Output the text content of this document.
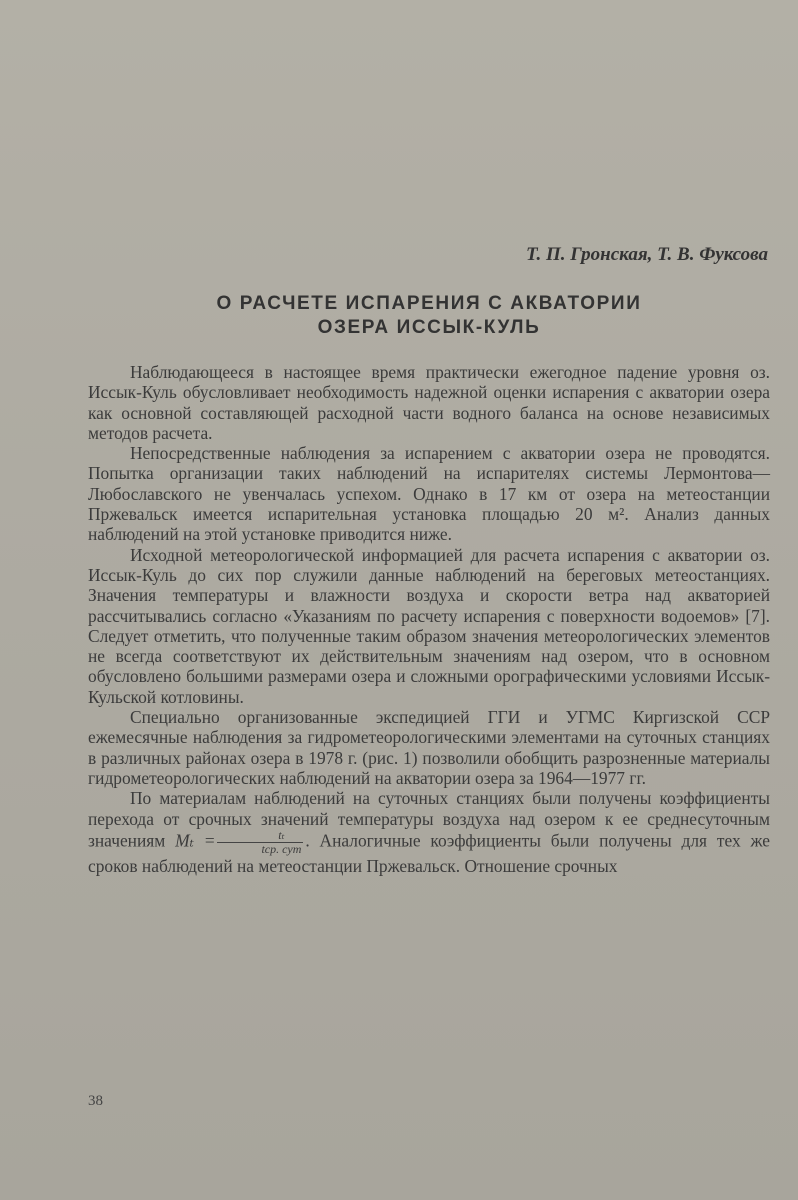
Т. П. Гронская, Т. В. Фуксова
О РАСЧЕТЕ ИСПАРЕНИЯ С АКВАТОРИИ
ОЗЕРА ИССЫК-КУЛЬ

Наблюдающееся в настоящее время практически ежегодное падение уровня оз. Иссык-Куль обусловливает необходимость надежной оценки испарения с акватории озера как основной составляющей расходной части водного баланса на основе независимых методов расчета.

Непосредственные наблюдения за испарением с акватории озера не проводятся. Попытка организации таких наблюдений на испарителях системы Лермонтова—Любославского не увенчалась успехом. Однако в 17 км от озера на метеостанции Пржевальск имеется испарительная установка площадью 20 м². Анализ данных наблюдений на этой установке приводится ниже.

Исходной метеорологической информацией для расчета испарения с акватории оз. Иссык-Куль до сих пор служили данные наблюдений на береговых метеостанциях. Значения температуры и влажности воздуха и скорости ветра над акваторией рассчитывались согласно «Указаниям по расчету испарения с поверхности водоемов» [7]. Следует отметить, что полученные таким образом значения метеорологических элементов не всегда соответствуют их действительным значениям над озером, что в основном обусловлено большими размерами озера и сложными орографическими условиями Иссык-Кульской котловины.

Специально организованные экспедицией ГГИ и УГМС Киргизской ССР ежемесячные наблюдения за гидрометеорологическими элементами на суточных станциях в различных районах озера в 1978 г. (рис. 1) позволили обобщить разрозненные материалы гидрометеорологических наблюдений на акватории озера за 1964—1977 гг.

По материалам наблюдений на суточных станциях были получены коэффициенты перехода от срочных значений температуры воздуха над озером к ее среднесуточным значениям $M_t = \frac{\text{tₜ}}{\text{tср. сут}}$ . Аналогичные коэффициенты были получены для тех же сроков наблюдений на метеостанции Пржевальск. Отношение срочных

38
